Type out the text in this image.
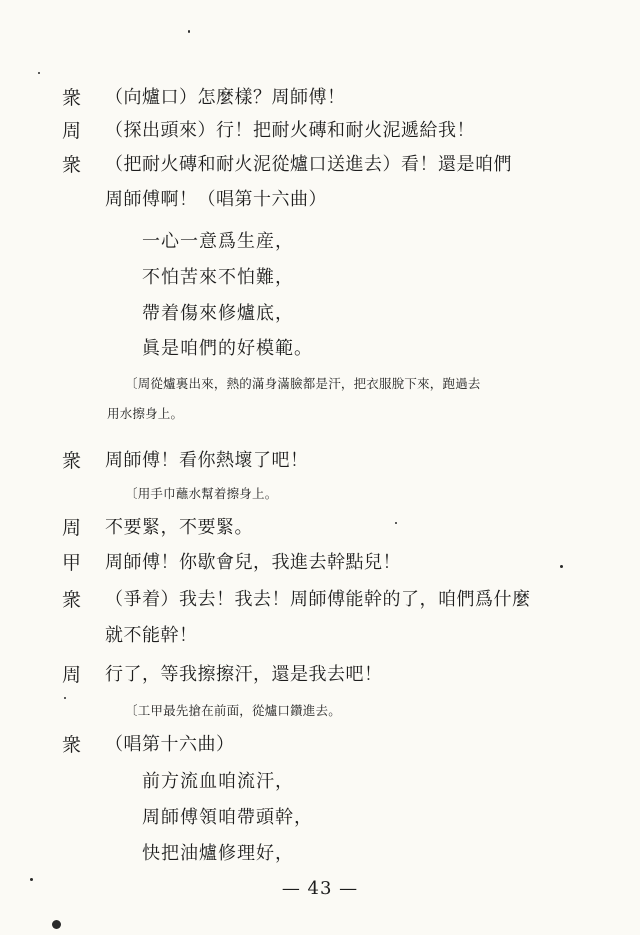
衆 （向爐口）怎麼樣？周師傅！
周 （探出頭來）行！把耐火磚和耐火泥遞給我！
衆 （把耐火磚和耐火泥從爐口送進去）看！還是咱們
周師傅啊！（唱第十六曲）
一心一意爲生産，
不怕苦來不怕難，
帶着傷來修爐底，
眞是咱們的好模範。
〔周從爐裏出來，熱的滿身滿臉都是汗，把衣服脫下來，跑過去
用水擦身上。
衆 周師傅！看你熱壞了吧！
〔用手巾蘸水幫着擦身上。
周 不要緊，不要緊。
甲 周師傅！你歇會兒，我進去幹點兒！
衆 （爭着）我去！我去！周師傅能幹的了，咱們爲什麼
就不能幹！
周 行了，等我擦擦汗，還是我去吧！
〔工甲最先搶在前面，從爐口鑽進去。
衆 （唱第十六曲）
前方流血咱流汗，
周師傅領咱帶頭幹，
快把油爐修理好，
— 43 —
